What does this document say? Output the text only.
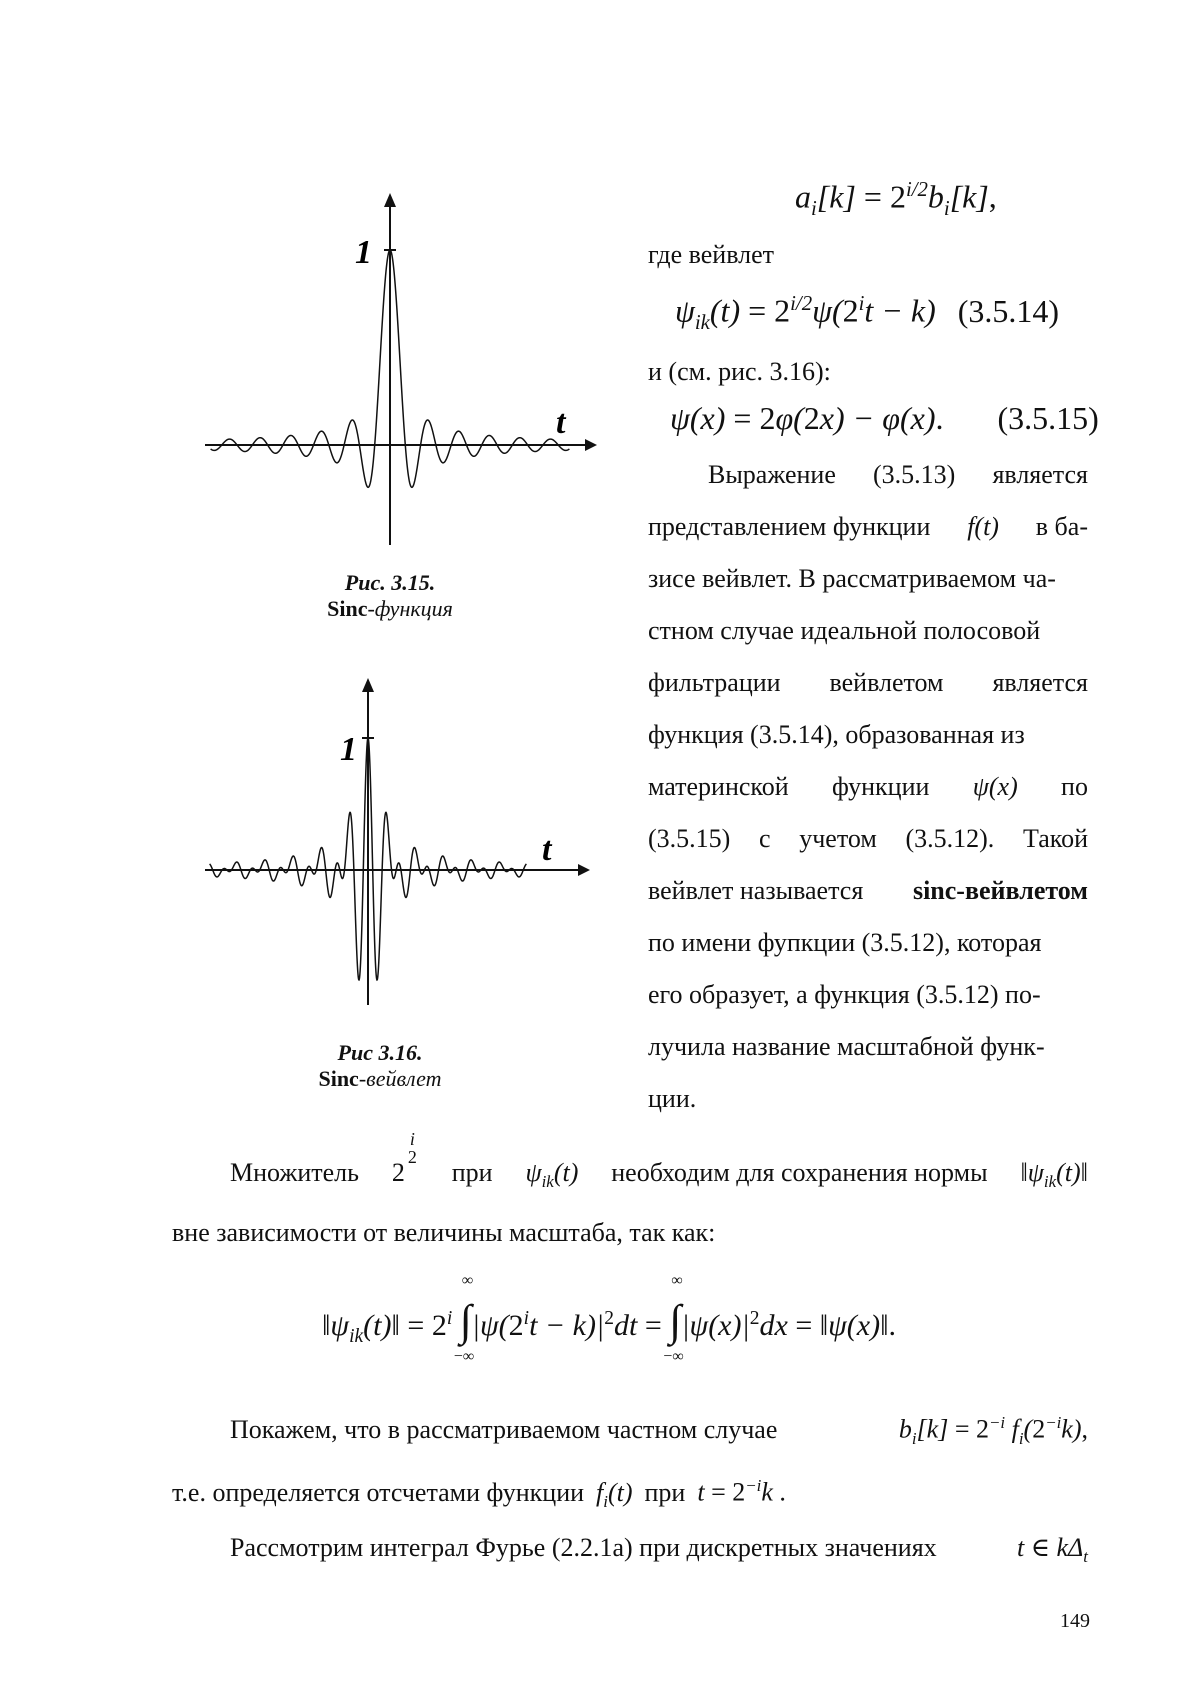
1
t
Рис. 3.15.
Sinc-функция
1
t
Рис 3.16.
Sinc-вейвлет
$a_i[k] = 2^{i/2}b_i[k]$,
где вейвлет
$\psi_{ik}(t) = 2^{i/2}\psi(2^it - k)$ (3.5.14)
и (см. рис. 3.16):
ψ(x) = 2φ(2x) − φ(x). (3.5.15)
Выражение (3.5.13) является
представлением функции f(t) в ба-
зисе вейвлет. В рассматриваемом ча-
стном случае идеальной полосовой
фильтрации вейвлетом является
функция (3.5.14), образованная из
материнской функции ψ(x) по
(3.5.15) с учетом (3.5.12). Такой
вейвлет называется sinc-вейвлетом
по имени фупкции (3.5.12), которая
его образует, а функция (3.5.12) по-
лучила название масштабной функ-
ции.
Множитель 2
i
2
при $\psi_{ik}(t)$ необходим для сохранения нормы $‖\psi_{ik}(t)‖$
вне зависимости от величины масштаба, так как:
$‖\psi_{ik}(t)‖ = 2^i$ ∫
∞
−∞
$|\psi(2^it - k)|^2dt$ = ∫
∞
−∞
$|\psi(x)|^2dx$ = ‖ψ(x)‖.
Покажем, что в рассматриваемом частном случае	$b_i[k] = 2^{-i}$ $f_i(2^{-i}k)$,
т.е. определяется отсчетами функции $f_i(t)$ при $t = 2^{-i}k$ .
Рассмотрим интеграл Фурье (2.2.1а) при дискретных значениях	t ∈ $k\Delta_t$
149
